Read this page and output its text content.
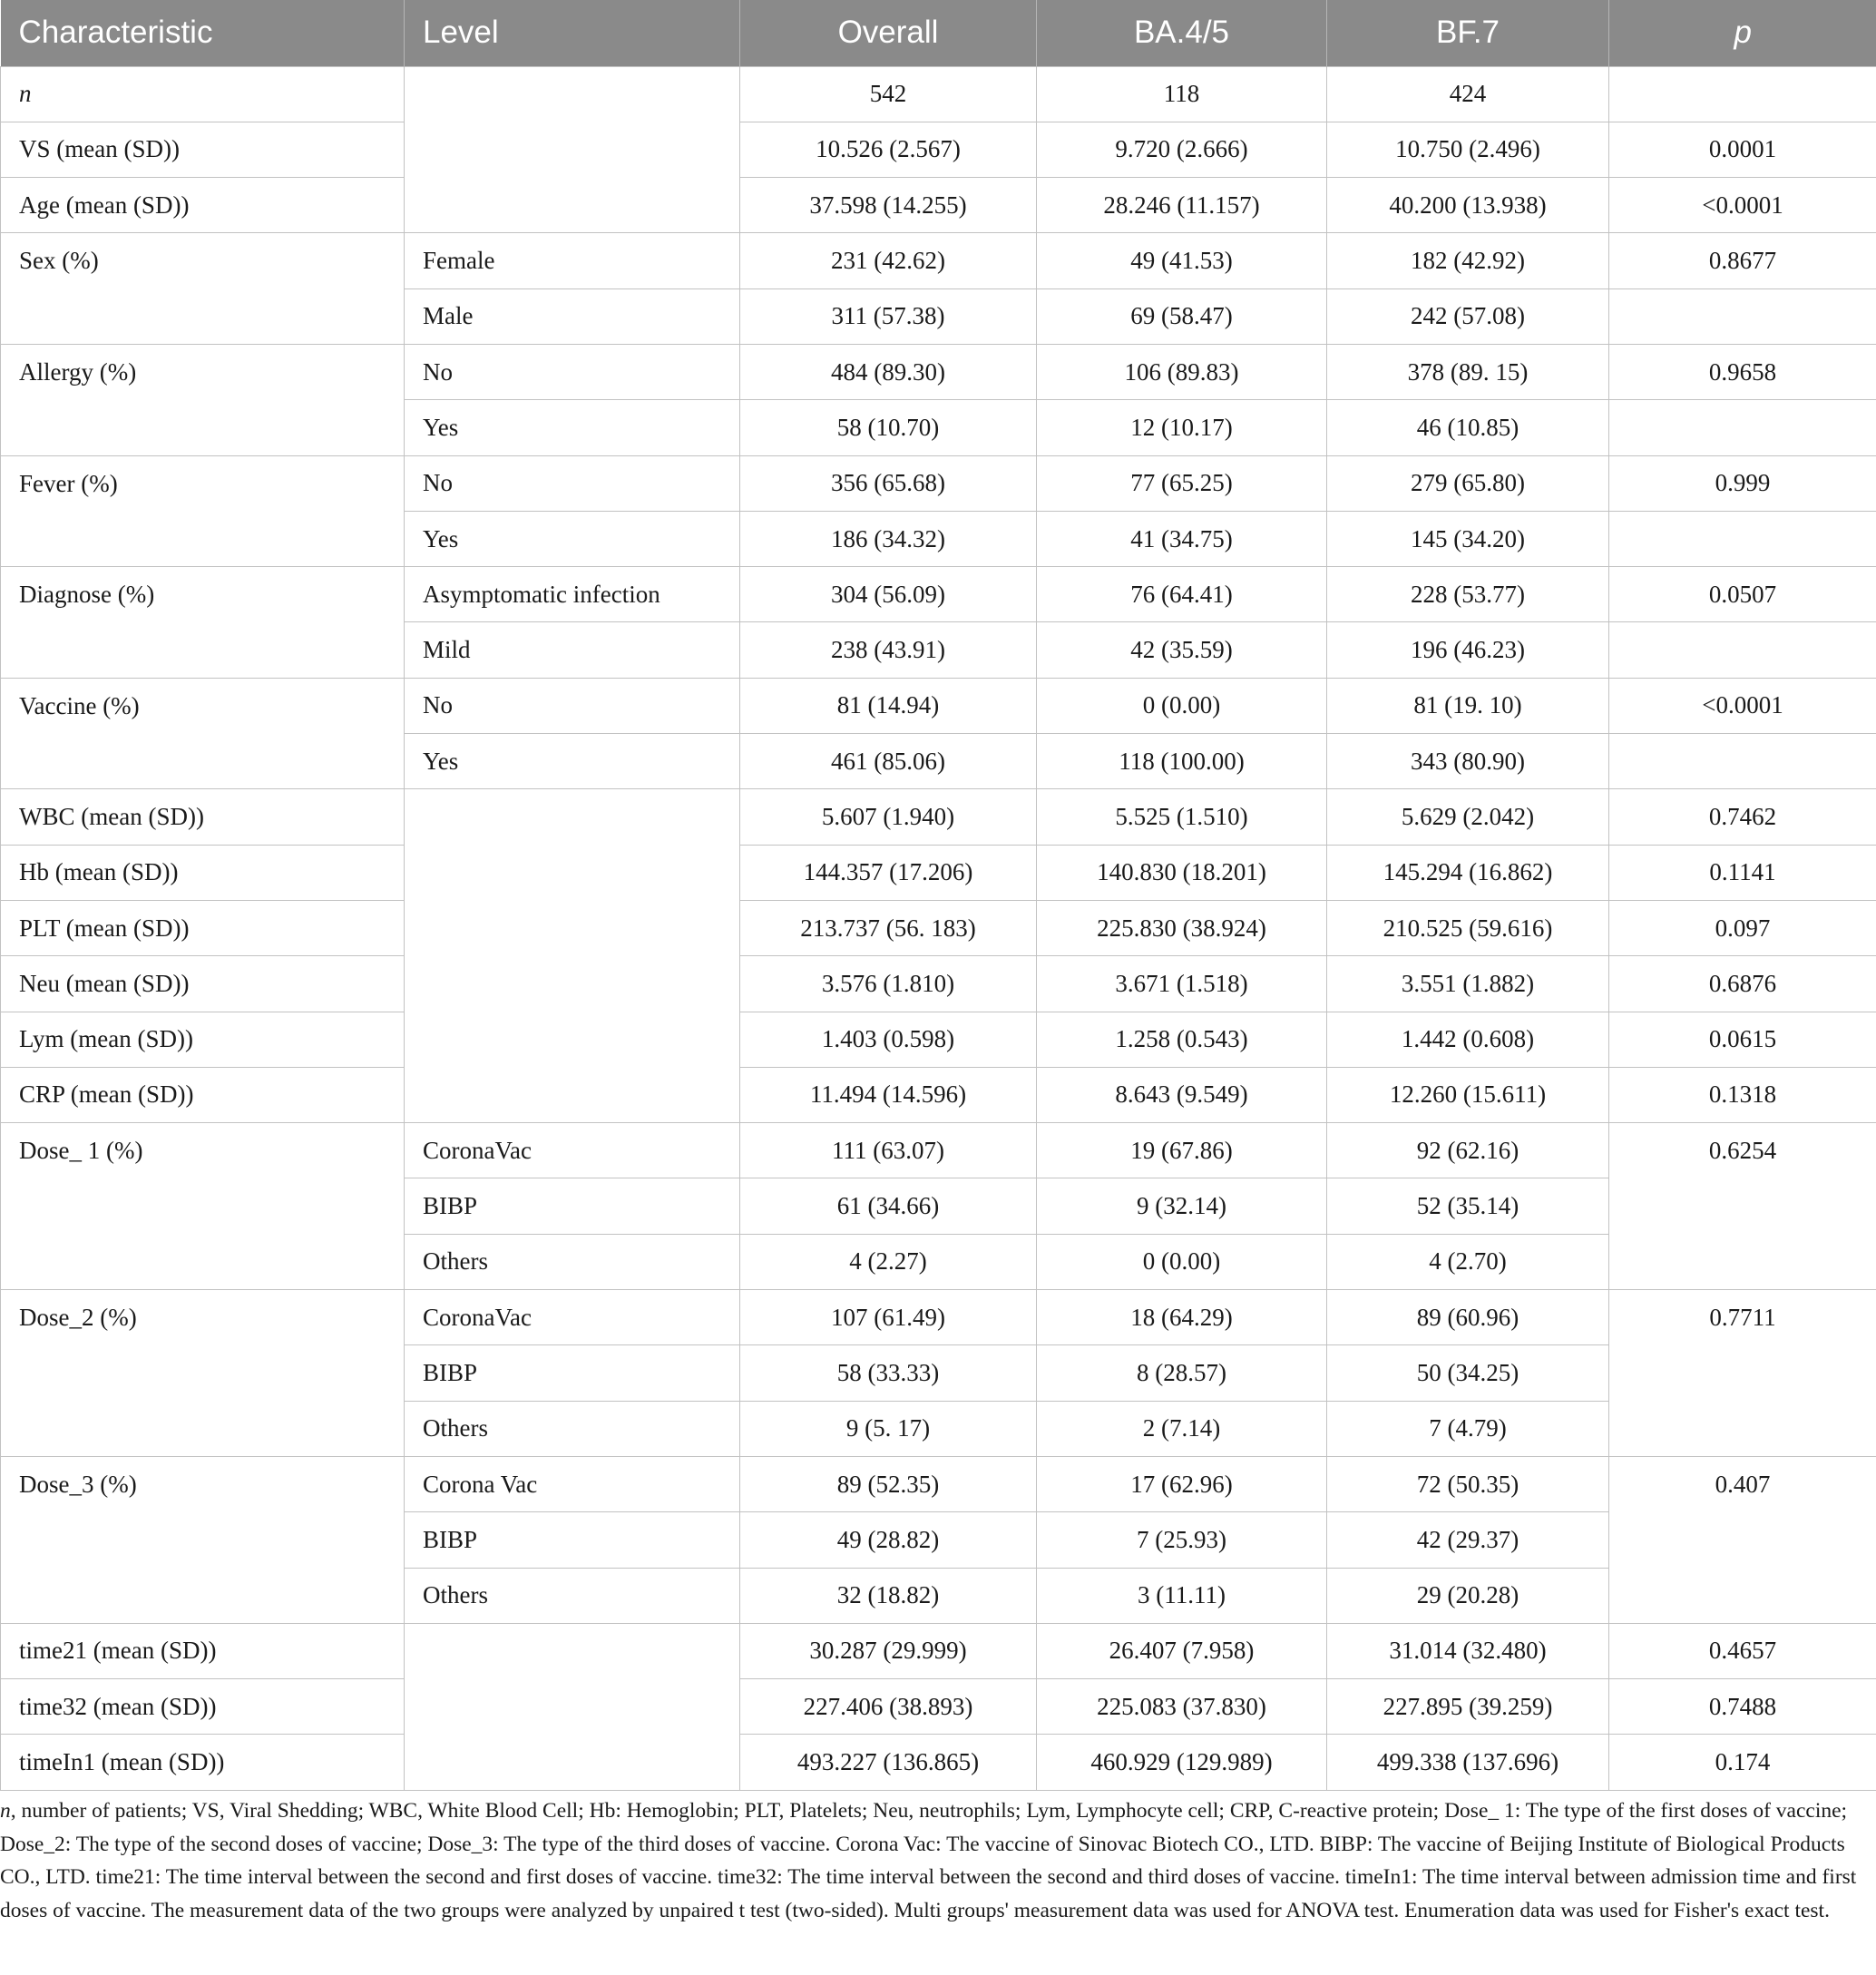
Characteristic	Level	Overall	BA.4/5	BF.7	p
n		542	118	424	
VS (mean (SD))		10.526 (2.567)	9.720 (2.666)	10.750 (2.496)	0.0001
Age (mean (SD))		37.598 (14.255)	28.246 (11.157)	40.200 (13.938)	<0.0001
Sex (%)	Female	231 (42.62)	49 (41.53)	182 (42.92)	0.8677
	Male	311 (57.38)	69 (58.47)	242 (57.08)	
Allergy (%)	No	484 (89.30)	106 (89.83)	378 (89. 15)	0.9658
	Yes	58 (10.70)	12 (10.17)	46 (10.85)	
Fever (%)	No	356 (65.68)	77 (65.25)	279 (65.80)	0.999
	Yes	186 (34.32)	41 (34.75)	145 (34.20)	
Diagnose (%)	Asymptomatic infection	304 (56.09)	76 (64.41)	228 (53.77)	0.0507
	Mild	238 (43.91)	42 (35.59)	196 (46.23)	
Vaccine (%)	No	81 (14.94)	0 (0.00)	81 (19. 10)	<0.0001
	Yes	461 (85.06)	118 (100.00)	343 (80.90)	
WBC (mean (SD))		5.607 (1.940)	5.525 (1.510)	5.629 (2.042)	0.7462
Hb (mean (SD))		144.357 (17.206)	140.830 (18.201)	145.294 (16.862)	0.1141
PLT (mean (SD))		213.737 (56. 183)	225.830 (38.924)	210.525 (59.616)	0.097
Neu (mean (SD))		3.576 (1.810)	3.671 (1.518)	3.551 (1.882)	0.6876
Lym (mean (SD))		1.403 (0.598)	1.258 (0.543)	1.442 (0.608)	0.0615
CRP (mean (SD))		11.494 (14.596)	8.643 (9.549)	12.260 (15.611)	0.1318
Dose_ 1 (%)	CoronaVac	111 (63.07)	19 (67.86)	92 (62.16)	0.6254
	BIBP	61 (34.66)	9 (32.14)	52 (35.14)	
	Others	4 (2.27)	0 (0.00)	4 (2.70)	
Dose_2 (%)	CoronaVac	107 (61.49)	18 (64.29)	89 (60.96)	0.7711
	BIBP	58 (33.33)	8 (28.57)	50 (34.25)	
	Others	9 (5. 17)	2 (7.14)	7 (4.79)	
Dose_3 (%)	Corona Vac	89 (52.35)	17 (62.96)	72 (50.35)	0.407
	BIBP	49 (28.82)	7 (25.93)	42 (29.37)	
	Others	32 (18.82)	3 (11.11)	29 (20.28)	
time21 (mean (SD))		30.287 (29.999)	26.407 (7.958)	31.014 (32.480)	0.4657
time32 (mean (SD))		227.406 (38.893)	225.083 (37.830)	227.895 (39.259)	0.7488
timeIn1 (mean (SD))		493.227 (136.865)	460.929 (129.989)	499.338 (137.696)	0.174
n, number of patients; VS, Viral Shedding; WBC, White Blood Cell; Hb: Hemoglobin; PLT, Platelets; Neu, neutrophils; Lym, Lymphocyte cell; CRP, C-reactive protein; Dose_ 1: The type of the first doses of vaccine; Dose_2: The type of the second doses of vaccine; Dose_3: The type of the third doses of vaccine. Corona Vac: The vaccine of Sinovac Biotech CO., LTD. BIBP: The vaccine of Beijing Institute of Biological Products CO., LTD. time21: The time interval between the second and first doses of vaccine. time32: The time interval between the second and third doses of vaccine. timeIn1: The time interval between admission time and first doses of vaccine. The measurement data of the two groups were analyzed by unpaired t test (two-sided). Multi groups' measurement data was used for ANOVA test. Enumeration data was used for Fisher's exact test.
